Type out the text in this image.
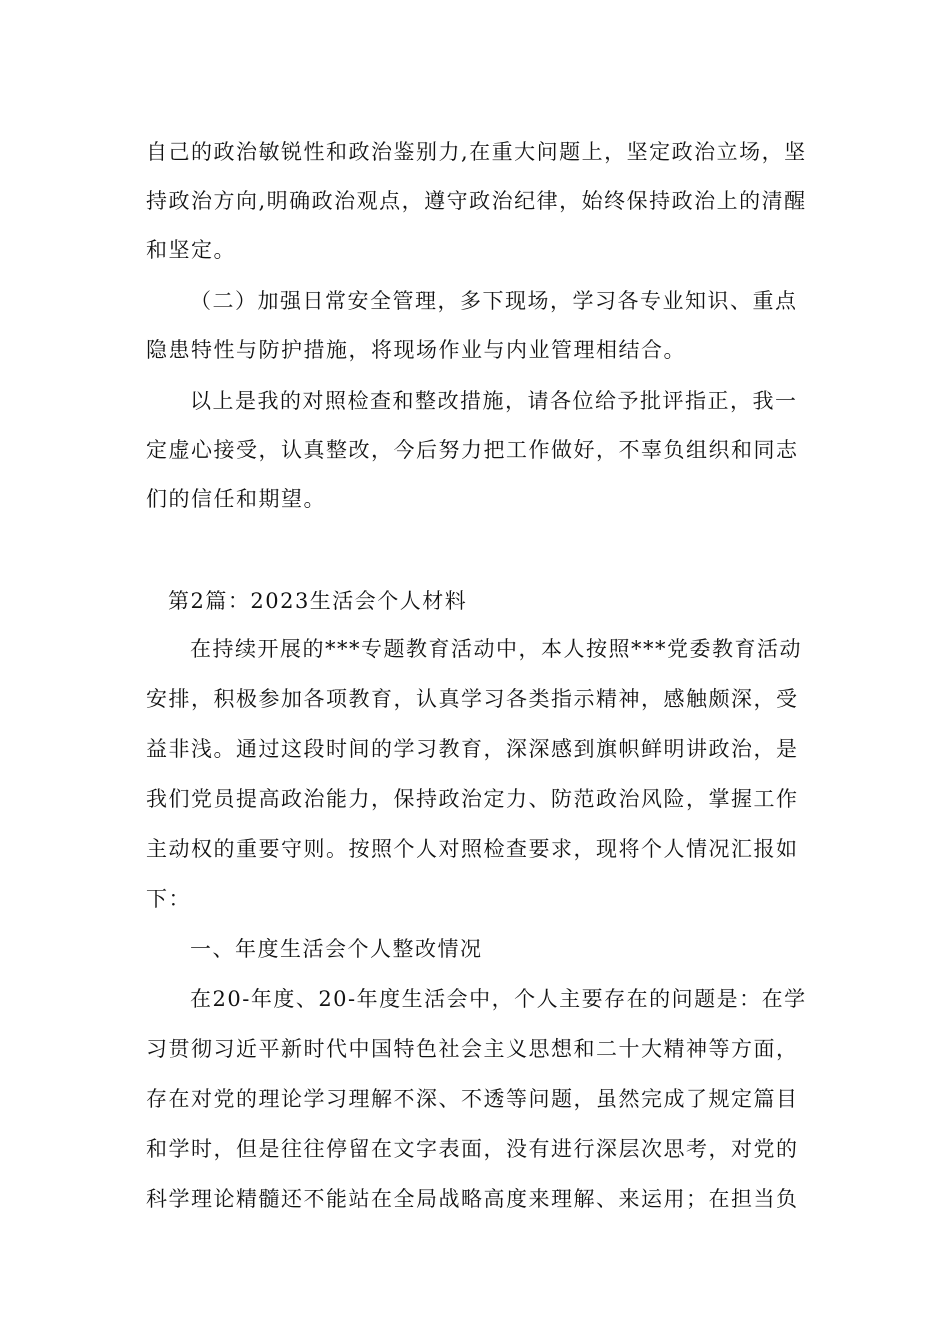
自己的政治敏锐性和政治鉴别力,在重大问题上，坚定政治立场，坚
持政治方向,明确政治观点，遵守政治纪律，始终保持政治上的清醒
和坚定。
（二）加强日常安全管理，多下现场，学习各专业知识、重点
隐患特性与防护措施，将现场作业与内业管理相结合。
以上是我的对照检查和整改措施，请各位给予批评指正，我一
定虚心接受，认真整改，今后努力把工作做好，不辜负组织和同志
们的信任和期望。
第2篇：2023生活会个人材料
在持续开展的***专题教育活动中，本人按照***党委教育活动
安排，积极参加各项教育，认真学习各类指示精神，感触颇深，受
益非浅。通过这段时间的学习教育，深深感到旗帜鲜明讲政治，是
我们党员提高政治能力，保持政治定力、防范政治风险，掌握工作
主动权的重要守则。按照个人对照检查要求，现将个人情况汇报如
下：
一、年度生活会个人整改情况
在20-年度、20-年度生活会中，个人主要存在的问题是：在学
习贯彻习近平新时代中国特色社会主义思想和二十大精神等方面，
存在对党的理论学习理解不深、不透等问题，虽然完成了规定篇目
和学时，但是往往停留在文字表面，没有进行深层次思考，对党的
科学理论精髓还不能站在全局战略高度来理解、来运用；在担当负
